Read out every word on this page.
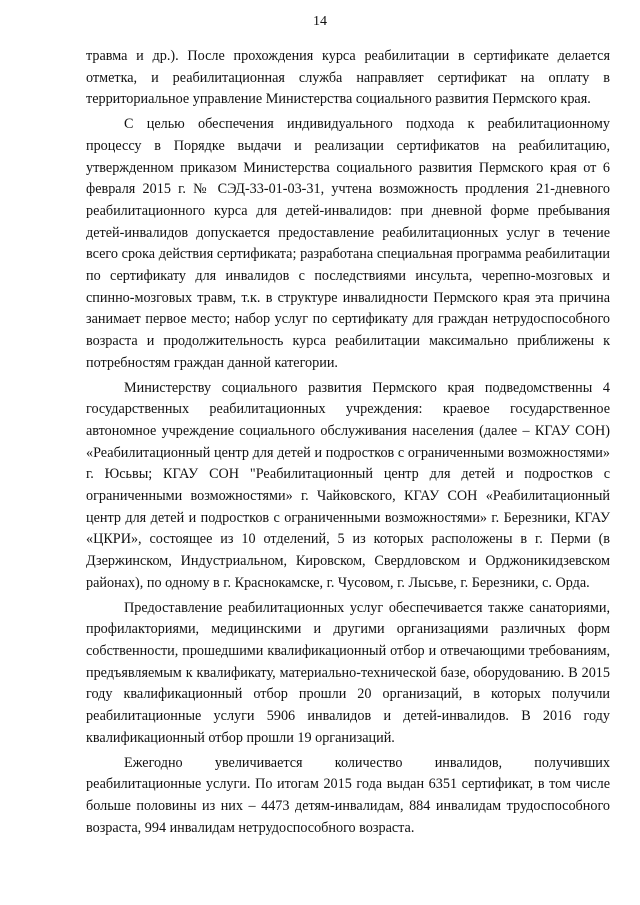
14

травма и др.). После прохождения курса реабилитации в сертификате делается отметка, и реабилитационная служба направляет сертификат на оплату в территориальное управление Министерства социального развития Пермского края.

С целью обеспечения индивидуального подхода к реабилитационному процессу в Порядке выдачи и реализации сертификатов на реабилитацию, утвержденном приказом Министерства социального развития Пермского края от 6 февраля 2015 г. № СЭД-33-01-03-31, учтена возможность продления 21-дневного реабилитационного курса для детей-инвалидов: при дневной форме пребывания детей-инвалидов допускается предоставление реабилитационных услуг в течение всего срока действия сертификата; разработана специальная программа реабилитации по сертификату для инвалидов с последствиями инсульта, черепно-мозговых и спинно-мозговых травм, т.к. в структуре инвалидности Пермского края эта причина занимает первое место; набор услуг по сертификату для граждан нетрудоспособного возраста и продолжительность курса реабилитации максимально приближены к потребностям граждан данной категории.

Министерству социального развития Пермского края подведомственны 4 государственных реабилитационных учреждения: краевое государственное автономное учреждение социального обслуживания населения (далее – КГАУ СОН) «Реабилитационный центр для детей и подростков с ограниченными возможностями» г. Юсьвы; КГАУ СОН "Реабилитационный центр для детей и подростков с ограниченными возможностями» г. Чайковского, КГАУ СОН «Реабилитационный центр для детей и подростков с ограниченными возможностями» г. Березники, КГАУ «ЦКРИ», состоящее из 10 отделений, 5 из которых расположены в г. Перми (в Дзержинском, Индустриальном, Кировском, Свердловском и Орджоникидзевском районах), по одному в г. Краснокамске, г. Чусовом, г. Лысьве, г. Березники, с. Орда.

Предоставление реабилитационных услуг обеспечивается также санаториями, профилакториями, медицинскими и другими организациями различных форм собственности, прошедшими квалификационный отбор и отвечающими требованиям, предъявляемым к квалификату, материально-технической базе, оборудованию. В 2015 году квалификационный отбор прошли 20 организаций, в которых получили реабилитационные услуги 5906 инвалидов и детей-инвалидов. В 2016 году квалификационный отбор прошли 19 организаций.

Ежегодно увеличивается количество инвалидов, получивших реабилитационные услуги. По итогам 2015 года выдан 6351 сертификат, в том числе больше половины из них – 4473 детям-инвалидам, 884 инвалидам трудоспособного возраста, 994 инвалидам нетрудоспособного возраста.
